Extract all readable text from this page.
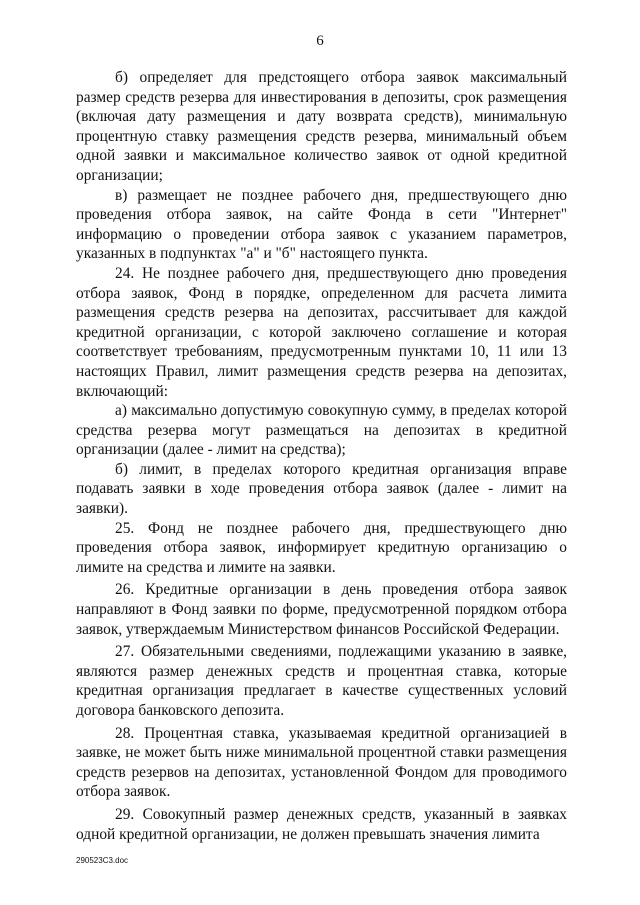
6

б) определяет для предстоящего отбора заявок максимальный размер средств резерва для инвестирования в депозиты, срок размещения (включая дату размещения и дату возврата средств), минимальную процентную ставку размещения средств резерва, минимальный объем одной заявки и максимальное количество заявок от одной кредитной организации;

в) размещает не позднее рабочего дня, предшествующего дню проведения отбора заявок, на сайте Фонда в сети "Интернет" информацию о проведении отбора заявок с указанием параметров, указанных в подпунктах "а" и "б" настоящего пункта.

24. Не позднее рабочего дня, предшествующего дню проведения отбора заявок, Фонд в порядке, определенном для расчета лимита размещения средств резерва на депозитах, рассчитывает для каждой кредитной организации, с которой заключено соглашение и которая соответствует требованиям, предусмотренным пунктами 10, 11 или 13 настоящих Правил, лимит размещения средств резерва на депозитах, включающий:

а) максимально допустимую совокупную сумму, в пределах которой средства резерва могут размещаться на депозитах в кредитной организации (далее - лимит на средства);

б) лимит, в пределах которого кредитная организация вправе подавать заявки в ходе проведения отбора заявок (далее - лимит на заявки).

25. Фонд не позднее рабочего дня, предшествующего дню проведения отбора заявок, информирует кредитную организацию о лимите на средства и лимите на заявки.

26. Кредитные организации в день проведения отбора заявок направляют в Фонд заявки по форме, предусмотренной порядком отбора заявок, утверждаемым Министерством финансов Российской Федерации.

27. Обязательными сведениями, подлежащими указанию в заявке, являются размер денежных средств и процентная ставка, которые кредитная организация предлагает в качестве существенных условий договора банковского депозита.

28. Процентная ставка, указываемая кредитной организацией в заявке, не может быть ниже минимальной процентной ставки размещения средств резервов на депозитах, установленной Фондом для проводимого отбора заявок.

29. Совокупный размер денежных средств, указанный в заявках одной кредитной организации, не должен превышать значения лимита

290523C3.doc
